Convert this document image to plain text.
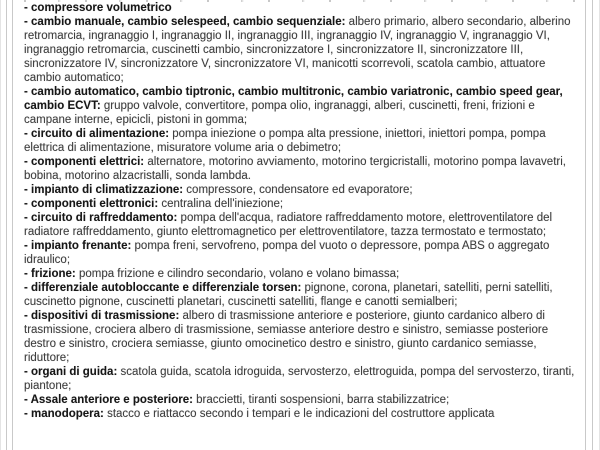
- compressore volumetrico

- cambio manuale, cambio selespeed, cambio sequenziale: albero primario, albero secondario, alberino retromarcia, ingranaggio I, ingranaggio II, ingranaggio III, ingranaggio IV, ingranaggio V, ingranaggio VI, ingranaggio retromarcia, cuscinetti cambio, sincronizzatore I, sincronizzatore II, sincronizzatore III, sincronizzatore IV, sincronizzatore V, sincronizzatore VI, manicotti scorrevoli, scatola cambio, attuatore cambio automatico;

- cambio automatico, cambio tiptronic, cambio multitronic, cambio variatronic, cambio speed gear, cambio ECVT: gruppo valvole, convertitore, pompa olio, ingranaggi, alberi, cuscinetti, freni, frizioni e campane interne, epicicli, pistoni in gomma;

- circuito di alimentazione: pompa iniezione o pompa alta pressione, iniettori, iniettori pompa, pompa elettrica di alimentazione, misuratore volume aria o debimetro;

- componenti elettrici: alternatore, motorino avviamento, motorino tergicristalli, motorino pompa lavavetri, bobina, motorino alzacristalli, sonda lambda.

- impianto di climatizzazione: compressore, condensatore ed evaporatore;

- componenti elettronici: centralina dell'iniezione;

- circuito di raffreddamento: pompa dell'acqua, radiatore raffreddamento motore, elettroventilatore del radiatore raffreddamento, giunto elettromagnetico per elettroventilatore, tazza termostato e termostato;

- impianto frenante: pompa freni, servofreno, pompa del vuoto o depressore, pompa ABS o aggregato idraulico;

- frizione: pompa frizione e cilindro secondario, volano e volano bimassa;

- differenziale autobloccante e differenziale torsen: pignone, corona, planetari, satelliti, perni satelliti, cuscinetto pignone, cuscinetti planetari, cuscinetti satelliti, flange e canotti semialberi;

- dispositivi di trasmissione: albero di trasmissione anteriore e posteriore, giunto cardanico albero di trasmissione, crociera albero di trasmissione, semiasse anteriore destro e sinistro, semiasse posteriore destro e sinistro, crociera semiasse, giunto omocinetico destro e sinistro, giunto cardanico semiasse, riduttore;

- organi di guida: scatola guida, scatola idroguida, servosterzo, elettroguida, pompa del servosterzo, tiranti, piantone;

- Assale anteriore e posteriore: braccietti, tiranti sospensioni, barra stabilizzatrice;

- manodopera: stacco e riattacco secondo i tempari e le indicazioni del costruttore applicata
